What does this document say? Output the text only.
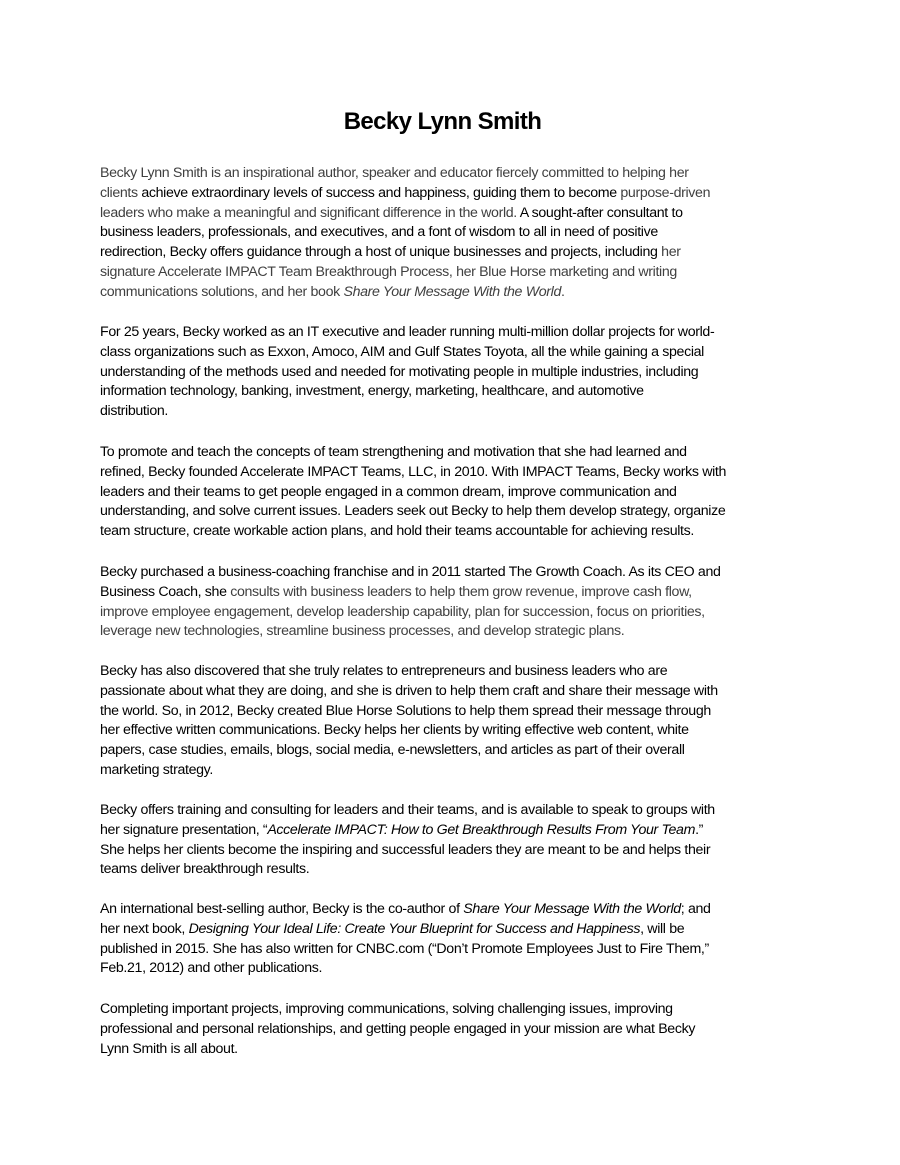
Becky Lynn Smith
Becky Lynn Smith is an inspirational author, speaker and educator fiercely committed to helping her
clients achieve extraordinary levels of success and happiness, guiding them to become purpose-driven
leaders who make a meaningful and significant difference in the world. A sought-after consultant to
business leaders, professionals, and executives, and a font of wisdom to all in need of positive
redirection, Becky offers guidance through a host of unique businesses and projects, including her
signature Accelerate IMPACT Team Breakthrough Process, her Blue Horse marketing and writing
communications solutions, and her book Share Your Message With the World.
For 25 years, Becky worked as an IT executive and leader running multi-million dollar projects for world-
class organizations such as Exxon, Amoco, AIM and Gulf States Toyota, all the while gaining a special
understanding of the methods used and needed for motivating people in multiple industries, including
information technology, banking, investment, energy, marketing, healthcare, and automotive
distribution.
To promote and teach the concepts of team strengthening and motivation that she had learned and
refined, Becky founded Accelerate IMPACT Teams, LLC, in 2010. With IMPACT Teams, Becky works with
leaders and their teams to get people engaged in a common dream, improve communication and
understanding, and solve current issues. Leaders seek out Becky to help them develop strategy, organize
team structure, create workable action plans, and hold their teams accountable for achieving results.
Becky purchased a business-coaching franchise and in 2011 started The Growth Coach. As its CEO and
Business Coach, she consults with business leaders to help them grow revenue, improve cash flow,
improve employee engagement, develop leadership capability, plan for succession, focus on priorities,
leverage new technologies, streamline business processes, and develop strategic plans.
Becky has also discovered that she truly relates to entrepreneurs and business leaders who are
passionate about what they are doing, and she is driven to help them craft and share their message with
the world. So, in 2012, Becky created Blue Horse Solutions to help them spread their message through
her effective written communications. Becky helps her clients by writing effective web content, white
papers, case studies, emails, blogs, social media, e-newsletters, and articles as part of their overall
marketing strategy.
Becky offers training and consulting for leaders and their teams, and is available to speak to groups with
her signature presentation, “Accelerate IMPACT: How to Get Breakthrough Results From Your Team.”
She helps her clients become the inspiring and successful leaders they are meant to be and helps their
teams deliver breakthrough results.
An international best-selling author, Becky is the co-author of Share Your Message With the World; and
her next book, Designing Your Ideal Life: Create Your Blueprint for Success and Happiness, will be
published in 2015. She has also written for CNBC.com (“Don’t Promote Employees Just to Fire Them,”
Feb.21, 2012) and other publications.
Completing important projects, improving communications, solving challenging issues, improving
professional and personal relationships, and getting people engaged in your mission are what Becky
Lynn Smith is all about.
